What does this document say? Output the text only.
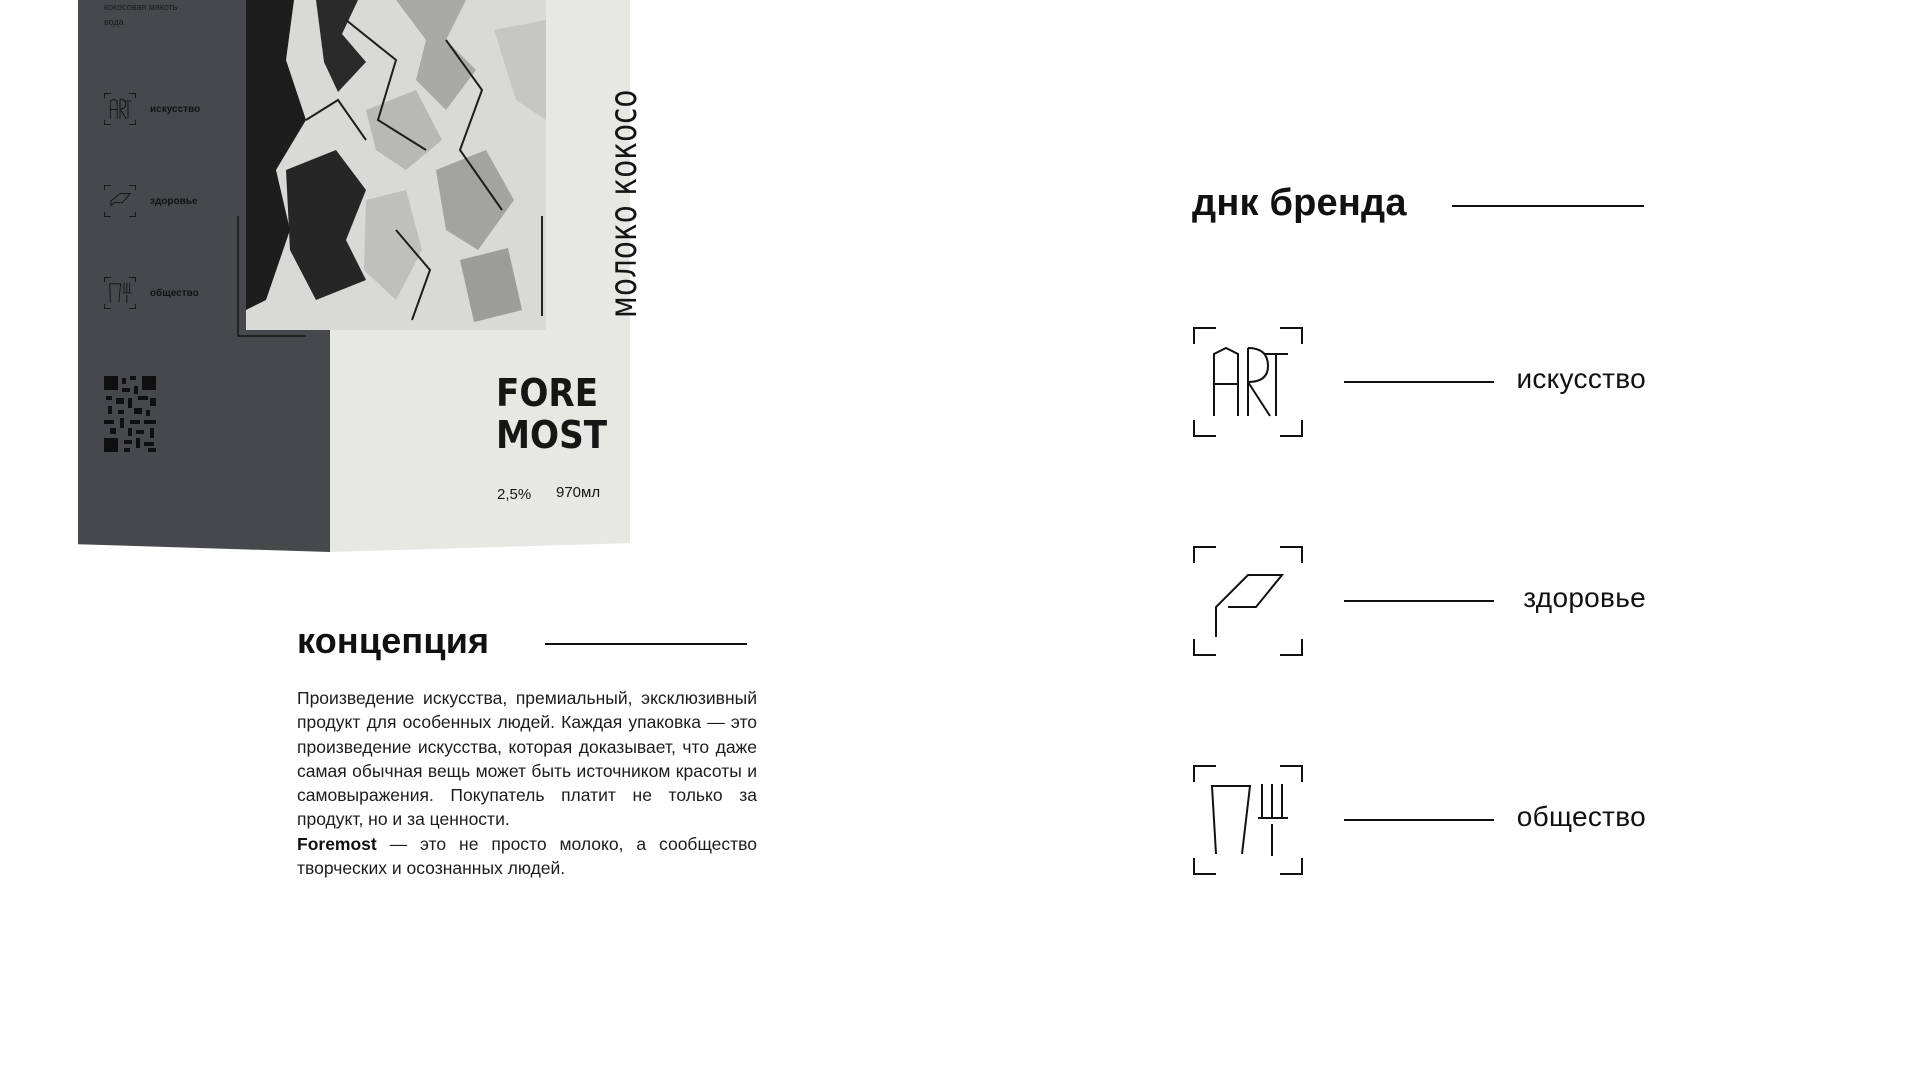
кокосовая мякоть
вода
искусство
здоровье
общество	молоко кокосо
FORE
MOST
2,5% 970мл
концепция

Произведение искусства, премиальный, эксклюзивный продукт для особенных людей. Каждая упаковка — это произведение искусства, которая доказывает, что даже самая обычная вещь может быть источником красоты и самовыражения. Покупатель платит не только за продукт, но и за ценности.

Foremost — это не просто молоко, а сообщество творческих и осознанных людей.

днк бренда
искусство
здоровье
общество
